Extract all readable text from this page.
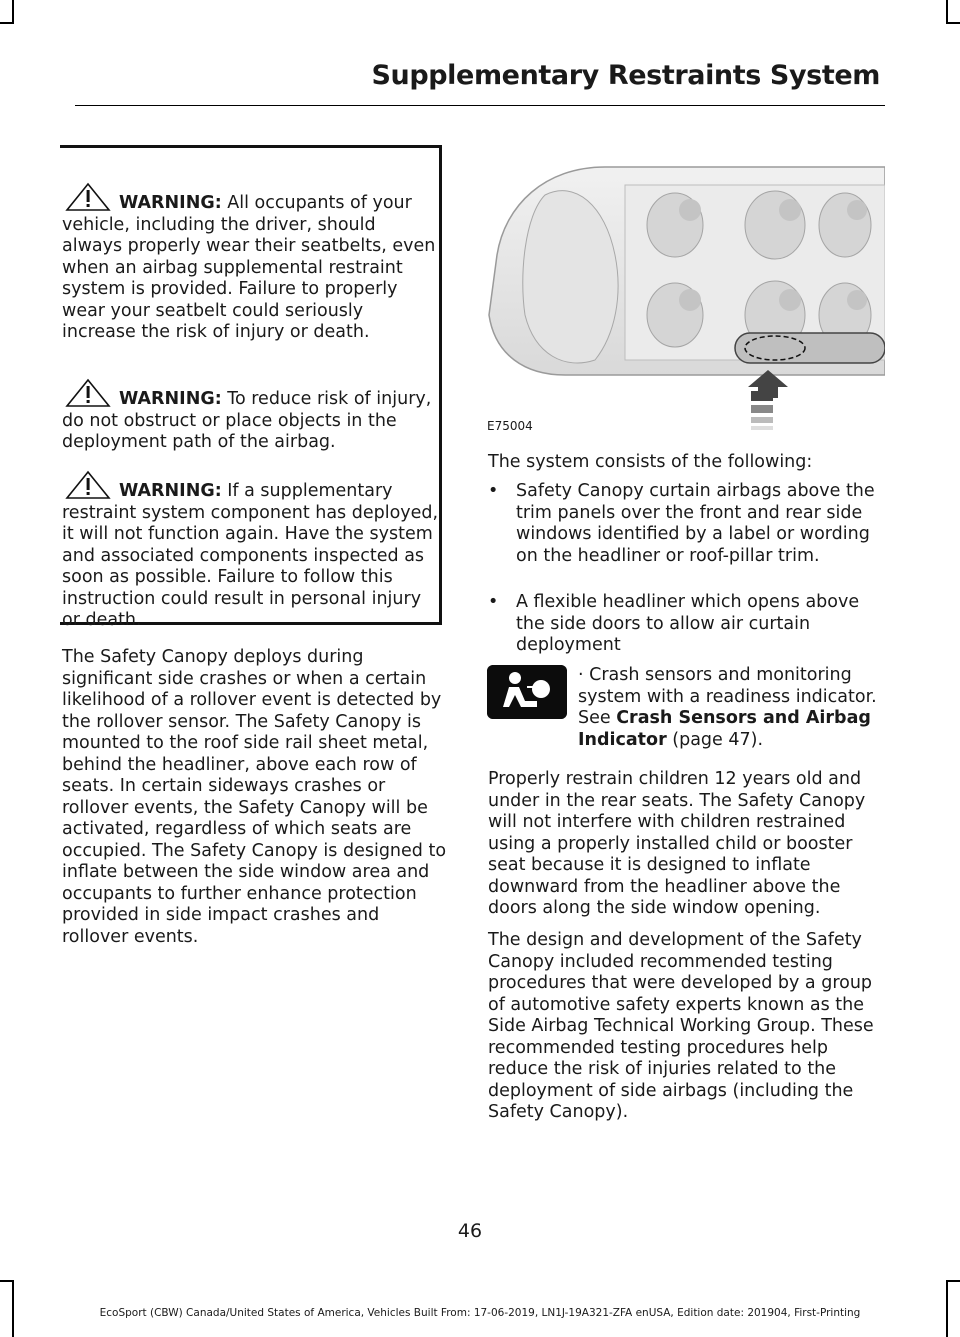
Supplementary Restraints System
WARNING: All occupants of your vehicle, including the driver, should always properly wear their seatbelts, even when an airbag supplemental restraint system is provided. Failure to properly wear your seatbelt could seriously increase the risk of injury or death.
WARNING: To reduce risk of injury, do not obstruct or place objects in the deployment path of the airbag.
WARNING: If a supplementary restraint system component has deployed, it will not function again. Have the system and associated components inspected as soon as possible. Failure to follow this instruction could result in personal injury or death.
The Safety Canopy deploys during significant side crashes or when a certain likelihood of a rollover event is detected by the rollover sensor. The Safety Canopy is mounted to the roof side rail sheet metal, behind the headliner, above each row of seats. In certain sideways crashes or rollover events, the Safety Canopy will be activated, regardless of which seats are occupied. The Safety Canopy is designed to inflate between the side window area and occupants to further enhance protection provided in side impact crashes and rollover events.
E75004
The system consists of the following:
• Safety Canopy curtain airbags above the trim panels over the front and rear side windows identified by a label or wording on the headliner or roof-pillar trim.
• A flexible headliner which opens above the side doors to allow air curtain deployment
· Crash sensors and monitoring system with a readiness indicator. See Crash Sensors and Airbag Indicator (page 47).
Properly restrain children 12 years old and under in the rear seats. The Safety Canopy will not interfere with children restrained using a properly installed child or booster seat because it is designed to inflate downward from the headliner above the doors along the side window opening.
The design and development of the Safety Canopy included recommended testing procedures that were developed by a group of automotive safety experts known as the Side Airbag Technical Working Group. These recommended testing procedures help reduce the risk of injuries related to the deployment of side airbags (including the Safety Canopy).
46
EcoSport (CBW) Canada/United States of America, Vehicles Built From: 17-06-2019, LN1J-19A321-ZFA enUSA, Edition date: 201904, First-Printing
